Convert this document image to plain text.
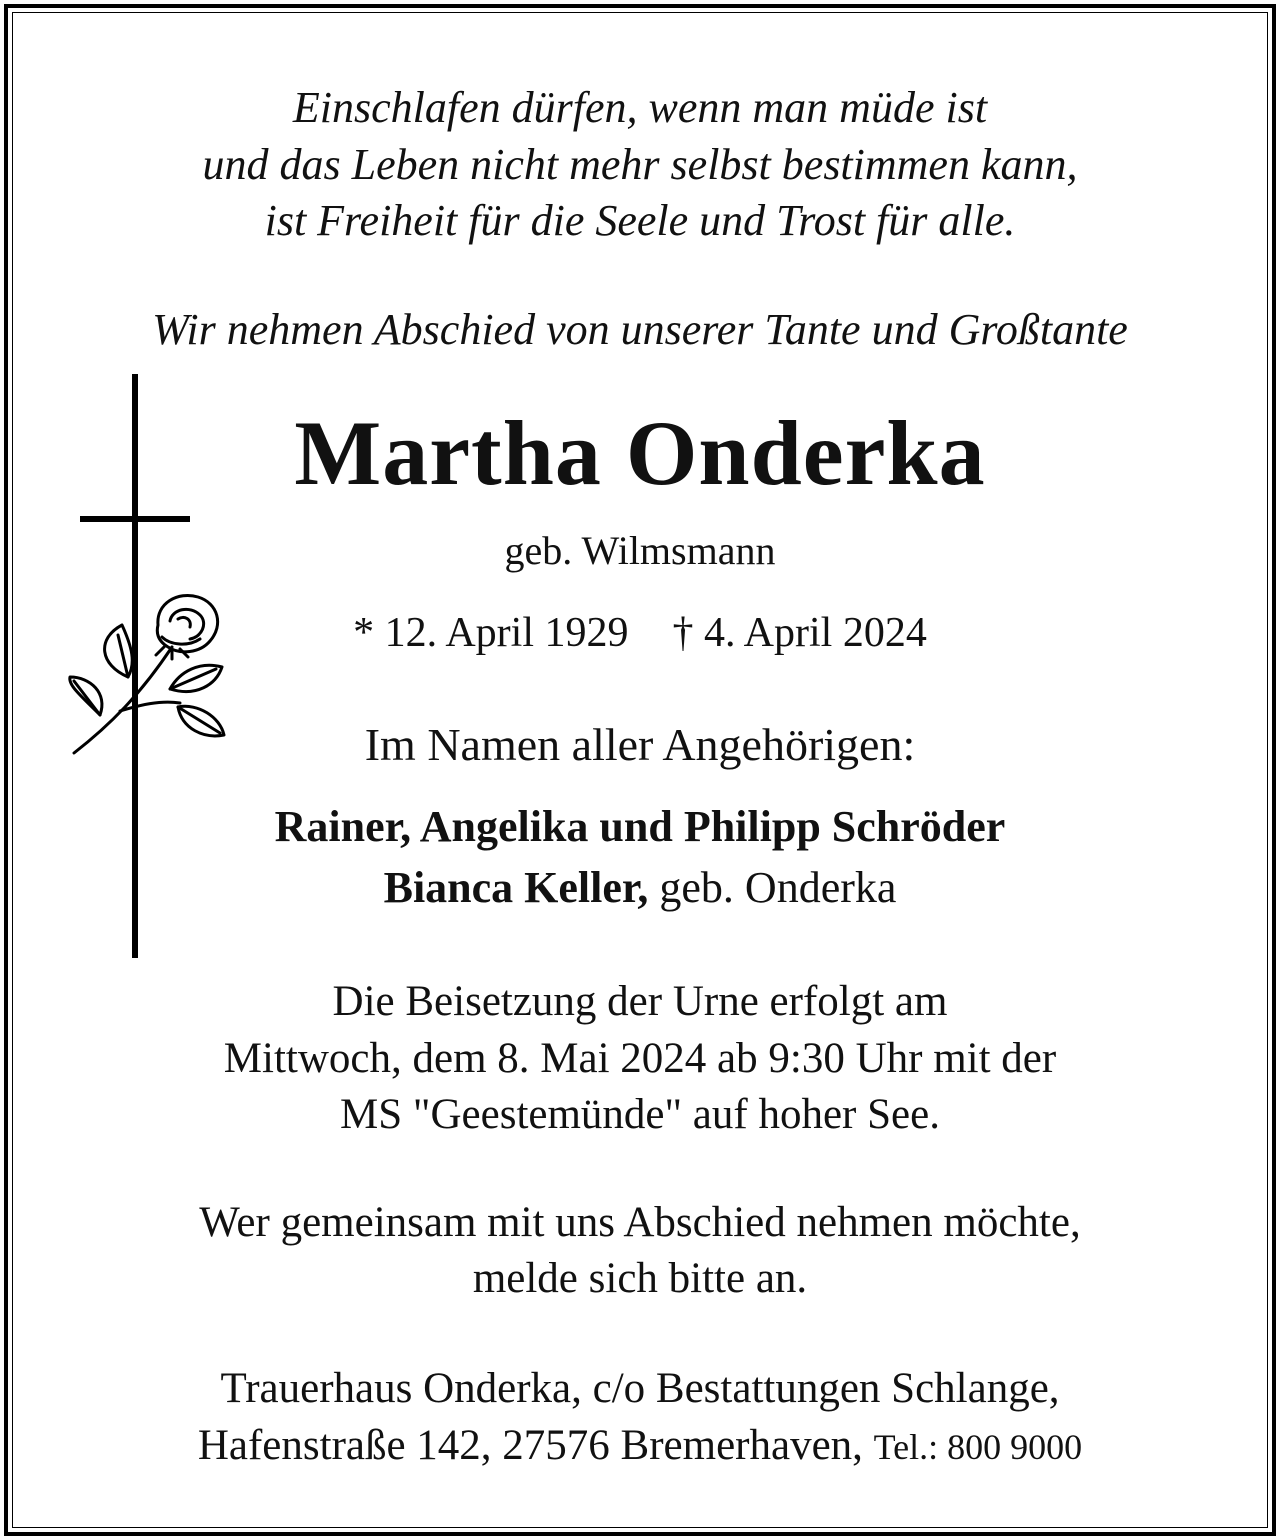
Einschlafen dürfen, wenn man müde ist
und das Leben nicht mehr selbst bestimmen kann,
ist Freiheit für die Seele und Trost für alle.
Wir nehmen Abschied von unserer Tante und Großtante
Martha Onderka
geb. Wilmsmann
* 12. April 1929 † 4. April 2024
Im Namen aller Angehörigen:
Rainer, Angelika und Philipp Schröder
Bianca Keller, geb. Onderka
Die Beisetzung der Urne erfolgt am
Mittwoch, dem 8. Mai 2024 ab 9:30 Uhr mit der
MS "Geestemünde" auf hoher See.
Wer gemeinsam mit uns Abschied nehmen möchte,
melde sich bitte an.
Trauerhaus Onderka, c/o Bestattungen Schlange,
Hafenstraße 142, 27576 Bremerhaven, Tel.: 800 9000
